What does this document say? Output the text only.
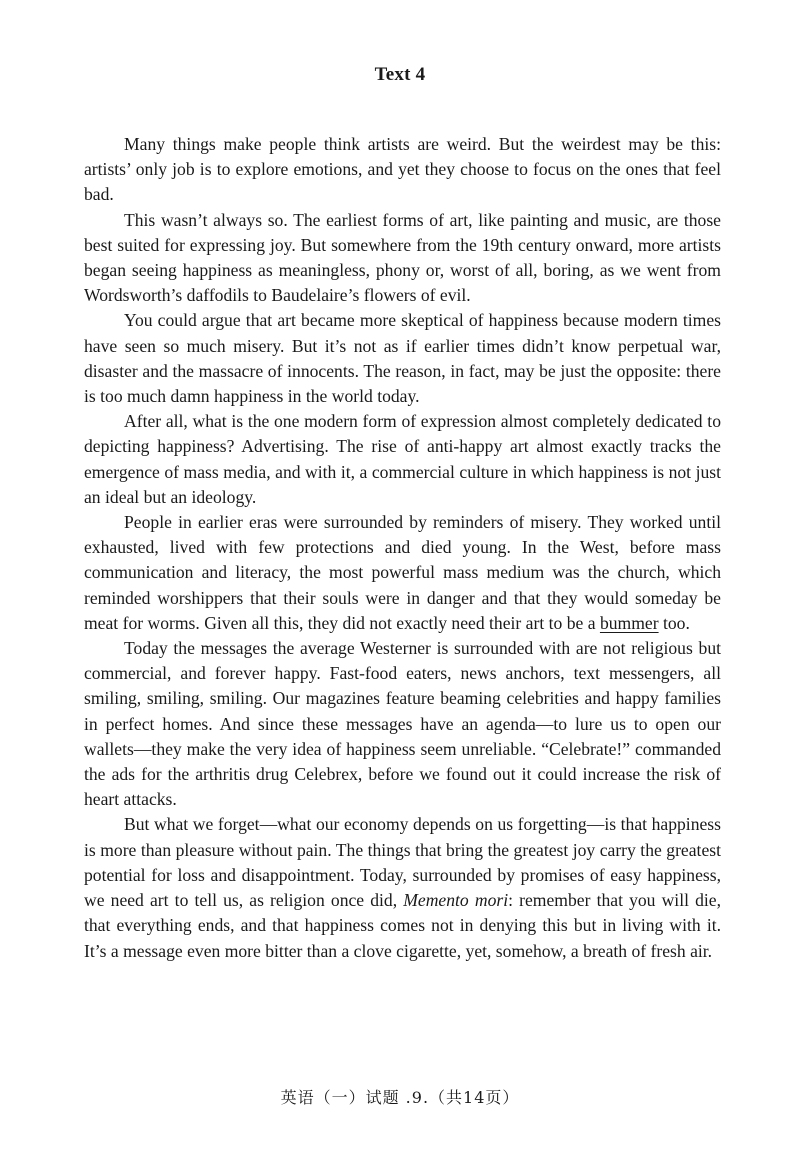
Text 4

Many things make people think artists are weird. But the weirdest may be this: artists’ only job is to explore emotions, and yet they choose to focus on the ones that feel bad.

This wasn’t always so. The earliest forms of art, like painting and music, are those best suited for expressing joy. But somewhere from the 19th century onward, more artists began seeing happiness as meaningless, phony or, worst of all, boring, as we went from Wordsworth’s daffodils to Baudelaire’s flowers of evil.

You could argue that art became more skeptical of happiness because modern times have seen so much misery. But it’s not as if earlier times didn’t know perpetual war, disaster and the massacre of innocents. The reason, in fact, may be just the opposite: there is too much damn happiness in the world today.

After all, what is the one modern form of expression almost completely dedicated to depicting happiness? Advertising. The rise of anti-happy art almost exactly tracks the emergence of mass media, and with it, a commercial culture in which happiness is not just an ideal but an ideology.

People in earlier eras were surrounded by reminders of misery. They worked until exhausted, lived with few protections and died young. In the West, before mass communication and literacy, the most powerful mass medium was the church, which reminded worshippers that their souls were in danger and that they would someday be meat for worms. Given all this, they did not exactly need their art to be a bummer too.

Today the messages the average Westerner is surrounded with are not religious but commercial, and forever happy. Fast-food eaters, news anchors, text messengers, all smiling, smiling, smiling. Our magazines feature beaming celebrities and happy families in perfect homes. And since these messages have an agenda—to lure us to open our wallets—they make the very idea of happiness seem unreliable. “Celebrate!” commanded the ads for the arthritis drug Celebrex, before we found out it could increase the risk of heart attacks.

But what we forget—what our economy depends on us forgetting—is that happiness is more than pleasure without pain. The things that bring the greatest joy carry the greatest potential for loss and disappointment. Today, surrounded by promises of easy happiness, we need art to tell us, as religion once did, Memento mori: remember that you will die, that everything ends, and that happiness comes not in denying this but in living with it. It’s a message even more bitter than a clove cigarette, yet, somehow, a breath of fresh air.

英语（一）试题 .9.（共14页）
